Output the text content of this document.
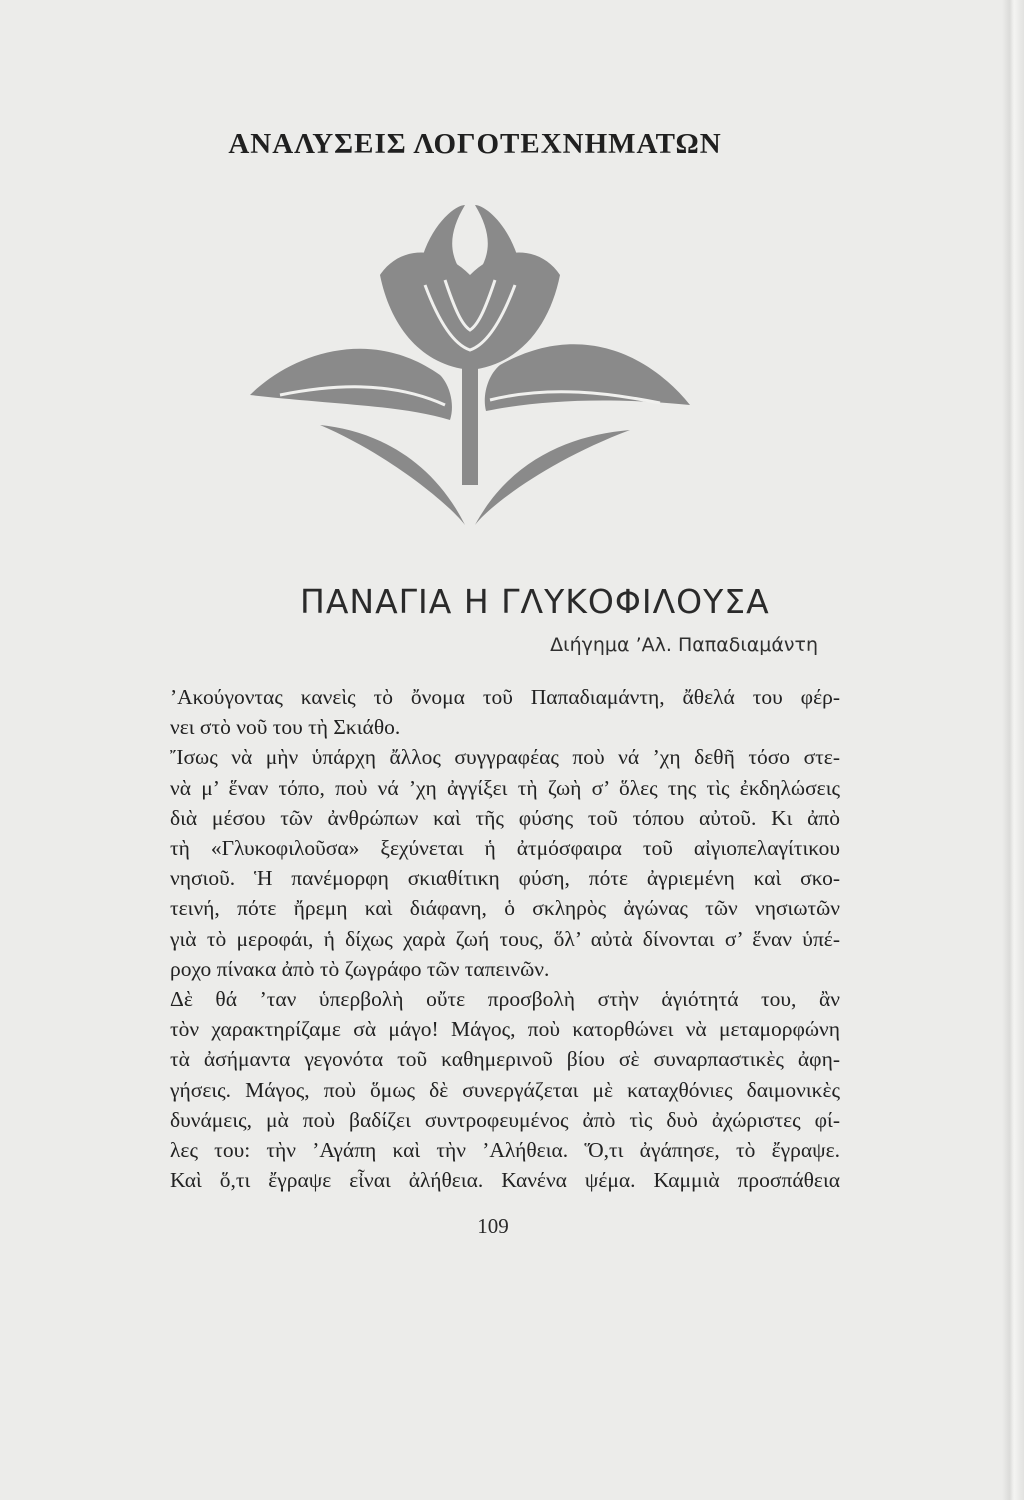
ΑΝΑΛΥΣΕΙΣ ΛΟΓΟΤΕΧΝΗΜΑΤΩΝ
ΠΑΝΑΓΙΑ Η ΓΛΥΚΟΦΙΛΟΥΣΑ
Διήγημα ’Αλ. Παπαδιαμάντη

’Ακούγοντας κανεὶς τὸ ὄνομα τοῦ Παπαδιαμάντη, ἄθελά του φέρ-
νει στὸ νοῦ του τὴ Σκιάθο.

Ἴσως νὰ μὴν ὑπάρχη ἄλλος συγγραφέας ποὺ νά ’χη δεθῆ τόσο στε-
νὰ μ’ ἕναν τόπο, ποὺ νά ’χη ἀγγίξει τὴ ζωὴ σ’ ὅλες της τὶς ἐκδηλώσεις
διὰ μέσου τῶν ἀνθρώπων καὶ τῆς φύσης τοῦ τόπου αὐτοῦ. Κι ἀπὸ
τὴ «Γλυκοφιλοῦσα» ξεχύνεται ἡ ἀτμόσφαιρα τοῦ αἰγιοπελαγίτικου
νησιοῦ. Ἡ πανέμορφη σκιαθίτικη φύση, πότε ἀγριεμένη καὶ σκο-
τεινή, πότε ἤρεμη καὶ διάφανη, ὁ σκληρὸς ἀγώνας τῶν νησιωτῶν
γιὰ τὸ μεροφάι, ἡ δίχως χαρὰ ζωή τους, ὅλ’ αὐτὰ δίνονται σ’ ἕναν ὑπέ-
ροχο πίνακα ἀπὸ τὸ ζωγράφο τῶν ταπεινῶν.

Δὲ θά ’ταν ὑπερβολὴ οὔτε προσβολὴ στὴν ἁγιότητά του, ἂν
τὸν χαρακτηρίζαμε σὰ μάγο! Μάγος, ποὺ κατορθώνει νὰ μεταμορφώνη
τὰ ἀσήμαντα γεγονότα τοῦ καθημερινοῦ βίου σὲ συναρπαστικὲς ἀφη-
γήσεις. Μάγος, ποὺ ὅμως δὲ συνεργάζεται μὲ καταχθόνιες δαιμονικὲς
δυνάμεις, μὰ ποὺ βαδίζει συντροφευμένος ἀπὸ τὶς δυὸ ἀχώριστες φί-
λες του: τὴν ’Αγάπη καὶ τὴν ’Αλήθεια. Ὅ,τι ἀγάπησε, τὸ ἔγραψε.
Καὶ ὅ,τι ἔγραψε εἶναι ἀλήθεια. Κανένα ψέμα. Καμμιὰ προσπάθεια

109
